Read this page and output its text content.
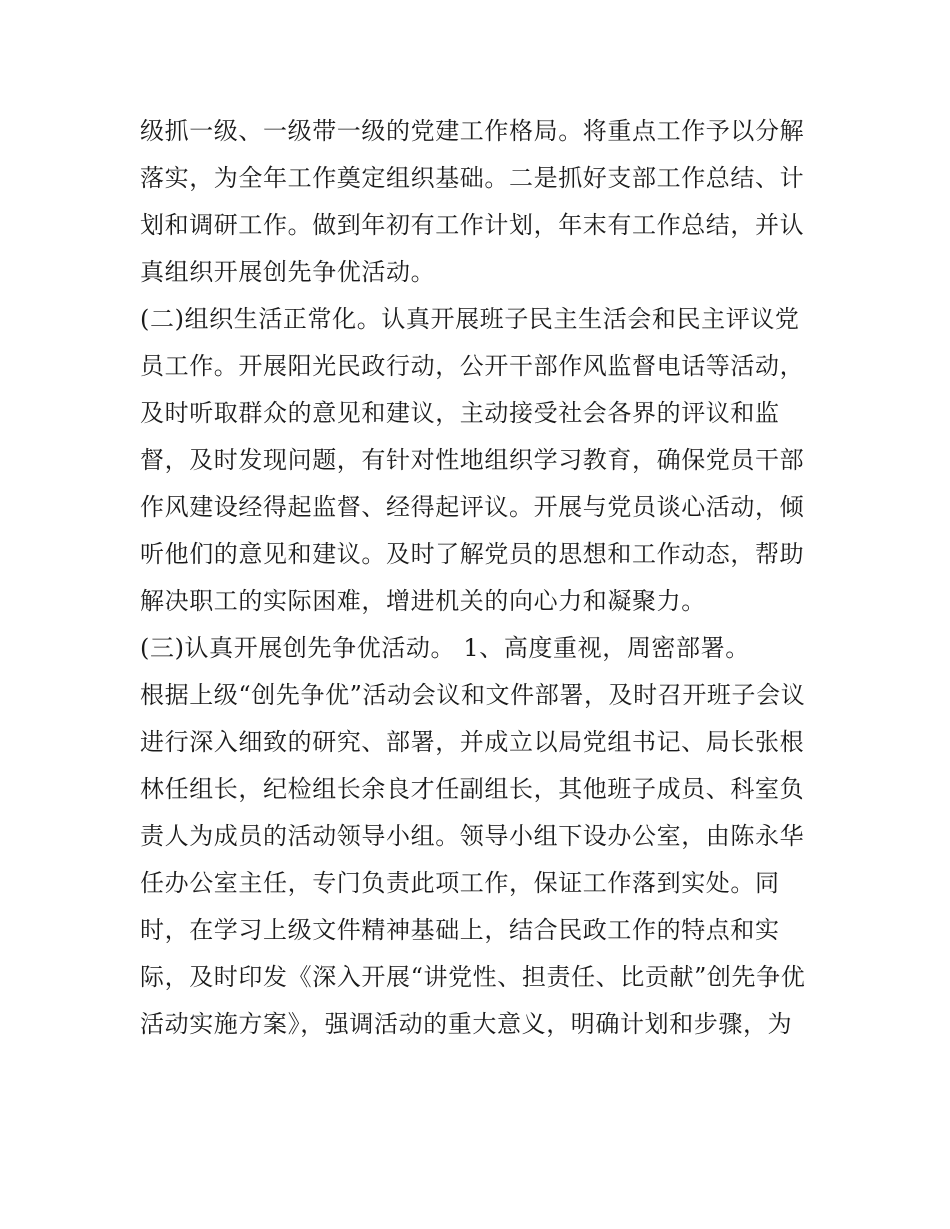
级抓一级、一级带一级的党建工作格局。将重点工作予以分解
落实，为全年工作奠定组织基础。二是抓好支部工作总结、计
划和调研工作。做到年初有工作计划，年末有工作总结，并认
真组织开展创先争优活动。
(二)组织生活正常化。认真开展班子民主生活会和民主评议党
员工作。开展阳光民政行动，公开干部作风监督电话等活动，
及时听取群众的意见和建议，主动接受社会各界的评议和监
督，及时发现问题，有针对性地组织学习教育，确保党员干部
作风建设经得起监督、经得起评议。开展与党员谈心活动，倾
听他们的意见和建议。及时了解党员的思想和工作动态，帮助
解决职工的实际困难，增进机关的向心力和凝聚力。
(三)认真开展创先争优活动。 1、高度重视，周密部署。
根据上级“创先争优”活动会议和文件部署，及时召开班子会议
进行深入细致的研究、部署，并成立以局党组书记、局长张根
林任组长，纪检组长余良才任副组长，其他班子成员、科室负
责人为成员的活动领导小组。领导小组下设办公室，由陈永华
任办公室主任，专门负责此项工作，保证工作落到实处。同
时，在学习上级文件精神基础上，结合民政工作的特点和实
际，及时印发《深入开展“讲党性、担责任、比贡献”创先争优
活动实施方案》，强调活动的重大意义，明确计划和步骤，为
